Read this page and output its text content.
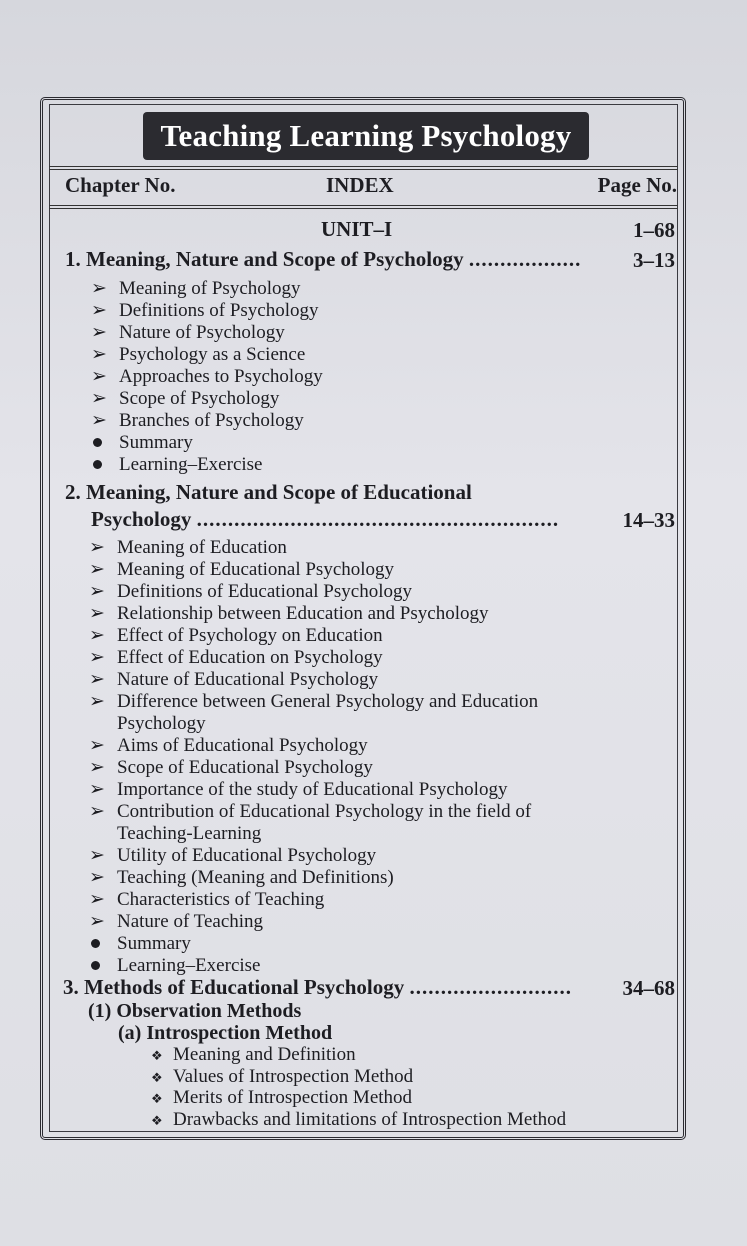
Teaching Learning Psychology
Chapter No.	INDEX	Page No.
UNIT–I	1–68
1. Meaning, Nature and Scope of Psychology .................. 3–13
➢ Meaning of Psychology
➢ Definitions of Psychology
➢ Nature of Psychology
➢ Psychology as a Science
➢ Approaches to Psychology
➢ Scope of Psychology
➢ Branches of Psychology
Summary
Learning–Exercise
2. Meaning, Nature and Scope of Educational
Psychology ..........................................................	14–33
➢ Meaning of Education
➢ Meaning of Educational Psychology
➢ Definitions of Educational Psychology
➢ Relationship between Education and Psychology
➢ Effect of Psychology on Education
➢ Effect of Education on Psychology
➢ Nature of Educational Psychology
➢ Difference between General Psychology and Education
Psychology
➢ Aims of Educational Psychology
➢ Scope of Educational Psychology
➢ Importance of the study of Educational Psychology
➢ Contribution of Educational Psychology in the field of
Teaching-Learning
➢ Utility of Educational Psychology
➢ Teaching (Meaning and Definitions)
➢ Characteristics of Teaching
➢ Nature of Teaching
Summary
Learning–Exercise
3. Methods of Educational Psychology .......................... 34–68
(1) Observation Methods
(a) Introspection Method
❖ Meaning and Definition
❖ Values of Introspection Method
❖ Merits of Introspection Method
❖ Drawbacks and limitations of Introspection Method
